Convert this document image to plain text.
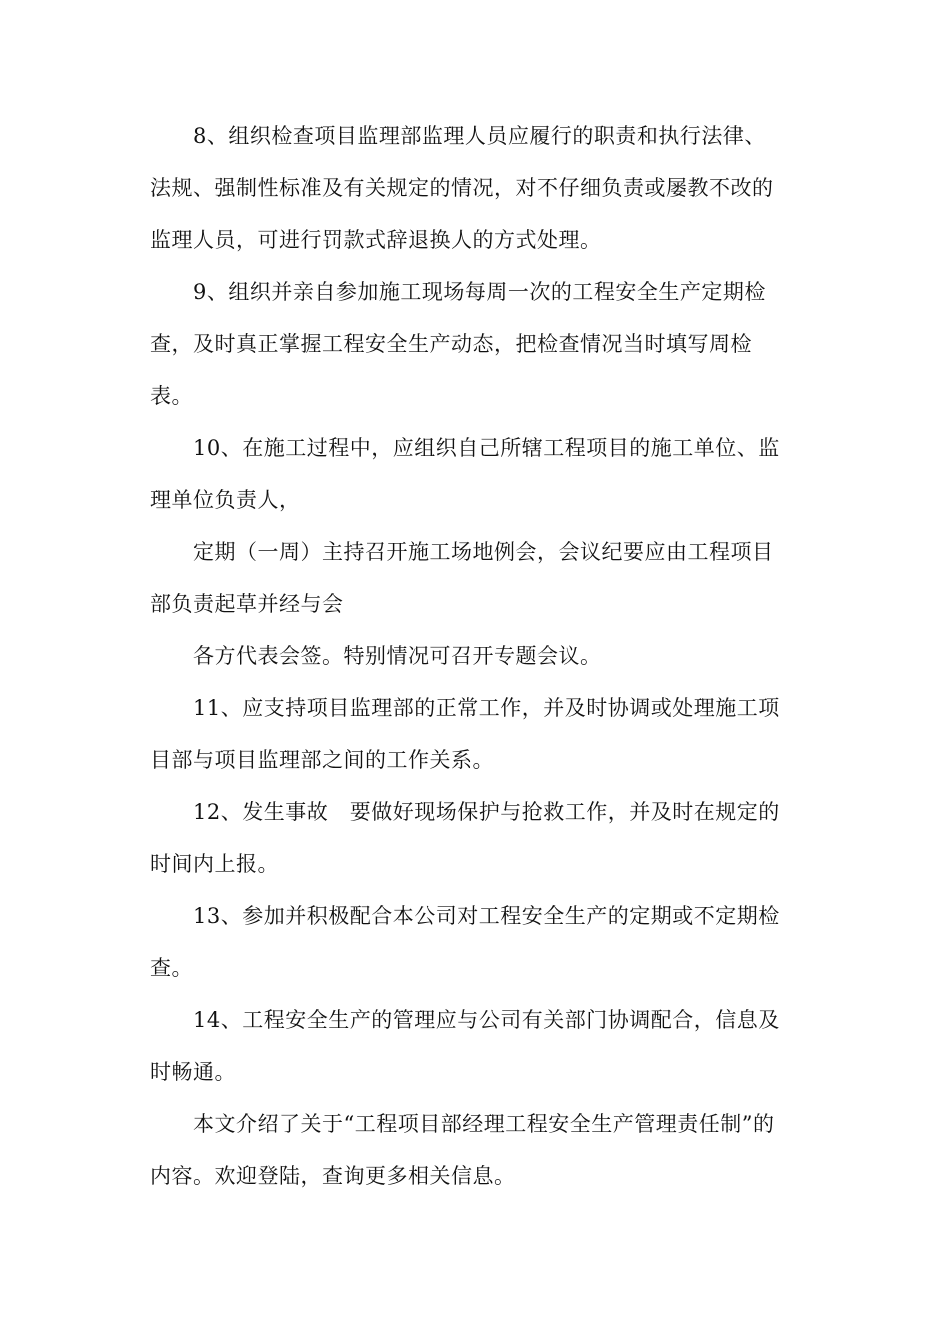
8、组织检查项目监理部监理人员应履行的职责和执行法律、
法规、强制性标准及有关规定的情况，对不仔细负责或屡教不改的
监理人员，可进行罚款式辞退换人的方式处理。

9、组织并亲自参加施工现场每周一次的工程安全生产定期检
查，及时真正掌握工程安全生产动态，把检查情况当时填写周检
表。

10、在施工过程中，应组织自己所辖工程项目的施工单位、监
理单位负责人，

定期（一周）主持召开施工场地例会，会议纪要应由工程项目
部负责起草并经与会

各方代表会签。特别情况可召开专题会议。

11、应支持项目监理部的正常工作，并及时协调或处理施工项
目部与项目监理部之间的工作关系。

12、发生事故　要做好现场保护与抢救工作，并及时在规定的
时间内上报。

13、参加并积极配合本公司对工程安全生产的定期或不定期检
查。

14、工程安全生产的管理应与公司有关部门协调配合，信息及
时畅通。

本文介绍了关于“工程项目部经理工程安全生产管理责任制”的
内容。欢迎登陆，查询更多相关信息。
